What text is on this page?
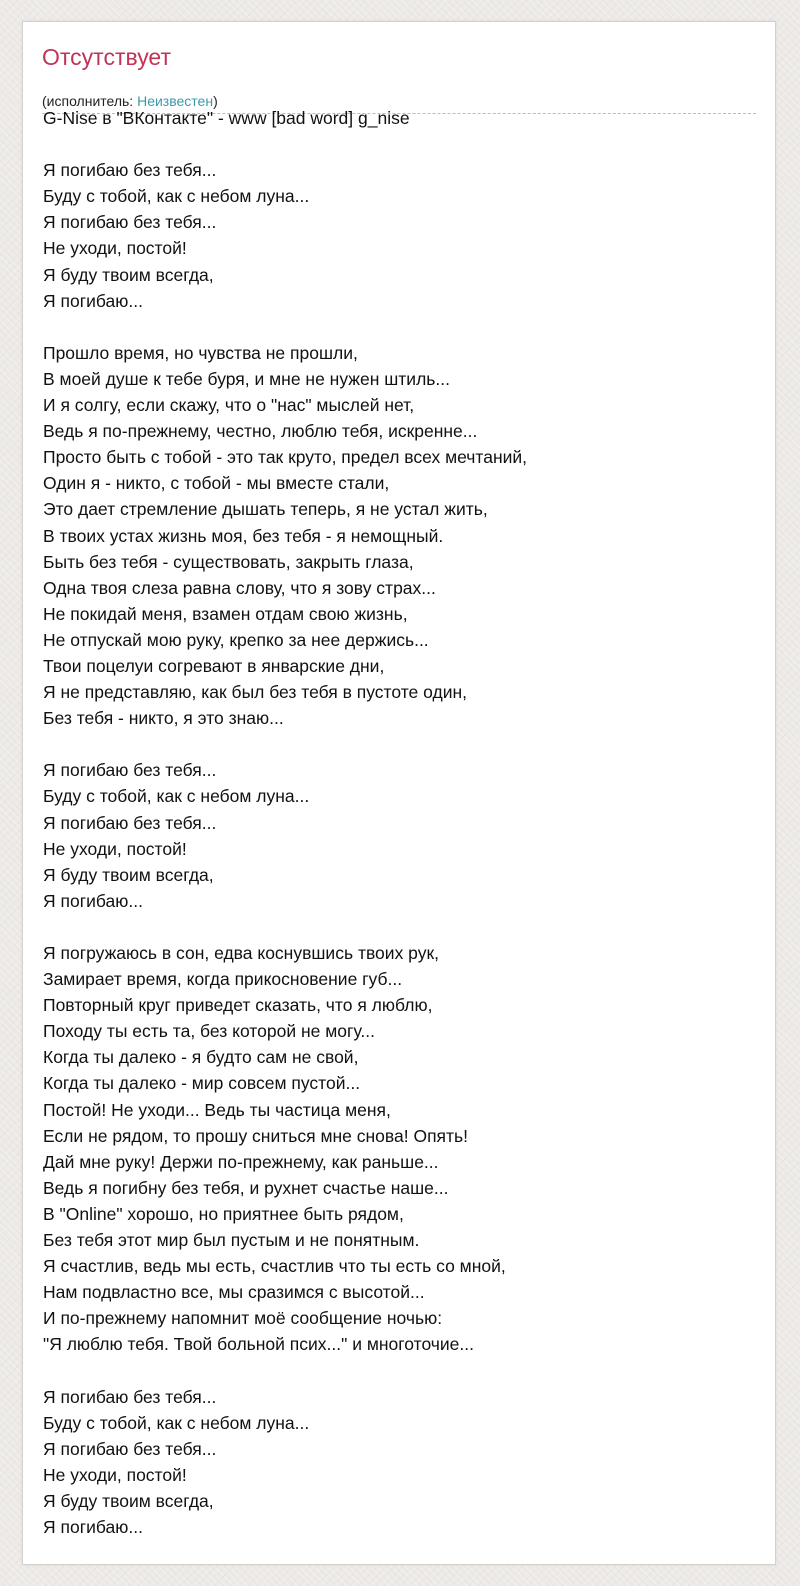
Отсутствует
(исполнитель: Неизвестен)
G-Nise в "ВКонтакте" - www [bad word] g_nise

Я погибаю без тебя...
Буду с тобой, как с небом луна...
Я погибаю без тебя...
Не уходи, постой!
Я буду твоим всегда,
Я погибаю...

Прошло время, но чувства не прошли,
В моей душе к тебе буря, и мне не нужен штиль...
И я солгу, если скажу, что о "нас" мыслей нет,
Ведь я по-прежнему, честно, люблю тебя, искренне...
Просто быть с тобой - это так круто, предел всех мечтаний,
Один я - никто, с тобой - мы вместе стали,
Это дает стремление дышать теперь, я не устал жить,
В твоих устах жизнь моя, без тебя - я немощный.
Быть без тебя - существовать, закрыть глаза,
Одна твоя слеза равна слову, что я зову страх...
Не покидай меня, взамен отдам свою жизнь,
Не отпускай мою руку, крепко за нее держись...
Твои поцелуи согревают в январские дни,
Я не представляю, как был без тебя в пустоте один,
Без тебя - никто, я это знаю...

Я погибаю без тебя...
Буду с тобой, как с небом луна...
Я погибаю без тебя...
Не уходи, постой!
Я буду твоим всегда,
Я погибаю...

Я погружаюсь в сон, едва коснувшись твоих рук,
Замирает время, когда прикосновение губ...
Повторный круг приведет сказать, что я люблю,
Походу ты есть та, без которой не могу...
Когда ты далеко - я будто сам не свой,
Когда ты далеко - мир совсем пустой...
Постой! Не уходи... Ведь ты частица меня,
Если не рядом, то прошу сниться мне снова! Опять!
Дай мне руку! Держи по-прежнему, как раньше...
Ведь я погибну без тебя, и рухнет счастье наше...
В "Online" хорошо, но приятнее быть рядом,
Без тебя этот мир был пустым и не понятным.
Я счастлив, ведь мы есть, счастлив что ты есть со мной,
Нам подвластно все, мы сразимся с высотой...
И по-прежнему напомнит моё сообщение ночью:
"Я люблю тебя. Твой больной псих..." и многоточие...

Я погибаю без тебя...
Буду с тобой, как с небом луна...
Я погибаю без тебя...
Не уходи, постой!
Я буду твоим всегда,
Я погибаю...
